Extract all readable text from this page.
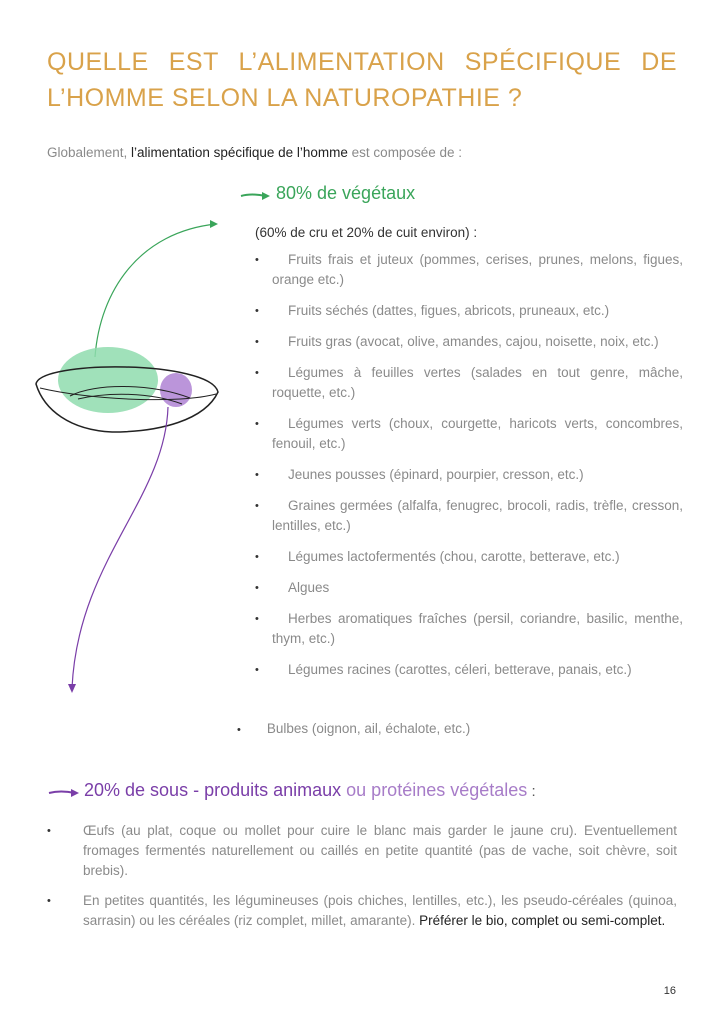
QUELLE EST L’ALIMENTATION SPÉCIFIQUE DE L’HOMME SELON LA NATUROPATHIE ?
Globalement, l’alimentation spécifique de l’homme est composée de :
80% de végétaux
(60% de cru et 20% de cuit environ) :
• Fruits frais et juteux (pommes, cerises, prunes, melons, figues, orange etc.)
• Fruits séchés (dattes, figues, abricots, pruneaux, etc.)
• Fruits gras (avocat, olive, amandes, cajou, noisette, noix, etc.)
• Légumes à feuilles vertes (salades en tout genre, mâche, roquette, etc.)
• Légumes verts (choux, courgette, haricots verts, concombres, fenouil, etc.)
• Jeunes pousses (épinard, pourpier, cresson, etc.)
• Graines germées (alfalfa, fenugrec, brocoli, radis, trèfle, cresson, lentilles, etc.)
• Légumes lactofermentés (chou, carotte, betterave, etc.)
• Algues
• Herbes aromatiques fraîches (persil, coriandre, basilic, menthe, thym, etc.)
• Légumes racines (carottes, céleri, betterave, panais, etc.)
• Bulbes (oignon, ail, échalote, etc.)
20% de sous - produits animaux ou protéines végétales :
• Œufs (au plat, coque ou mollet pour cuire le blanc mais garder le jaune cru). Eventuellement fromages fermentés naturellement ou caillés en petite quantité (pas de vache, soit chèvre, soit brebis).
• En petites quantités, les légumineuses (pois chiches, lentilles, etc.), les pseudo-céréales (quinoa, sarrasin) ou les céréales (riz complet, millet, amarante). Préférer le bio, complet ou semi-complet.
16
